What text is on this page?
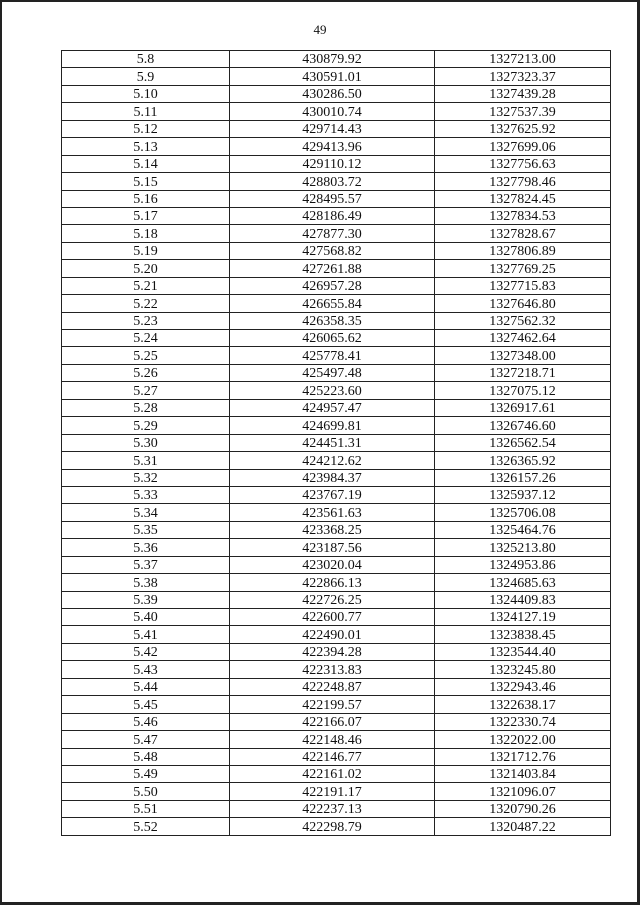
49
5.8	430879.92	1327213.00
5.9	430591.01	1327323.37
5.10	430286.50	1327439.28
5.11	430010.74	1327537.39
5.12	429714.43	1327625.92
5.13	429413.96	1327699.06
5.14	429110.12	1327756.63
5.15	428803.72	1327798.46
5.16	428495.57	1327824.45
5.17	428186.49	1327834.53
5.18	427877.30	1327828.67
5.19	427568.82	1327806.89
5.20	427261.88	1327769.25
5.21	426957.28	1327715.83
5.22	426655.84	1327646.80
5.23	426358.35	1327562.32
5.24	426065.62	1327462.64
5.25	425778.41	1327348.00
5.26	425497.48	1327218.71
5.27	425223.60	1327075.12
5.28	424957.47	1326917.61
5.29	424699.81	1326746.60
5.30	424451.31	1326562.54
5.31	424212.62	1326365.92
5.32	423984.37	1326157.26
5.33	423767.19	1325937.12
5.34	423561.63	1325706.08
5.35	423368.25	1325464.76
5.36	423187.56	1325213.80
5.37	423020.04	1324953.86
5.38	422866.13	1324685.63
5.39	422726.25	1324409.83
5.40	422600.77	1324127.19
5.41	422490.01	1323838.45
5.42	422394.28	1323544.40
5.43	422313.83	1323245.80
5.44	422248.87	1322943.46
5.45	422199.57	1322638.17
5.46	422166.07	1322330.74
5.47	422148.46	1322022.00
5.48	422146.77	1321712.76
5.49	422161.02	1321403.84
5.50	422191.17	1321096.07
5.51	422237.13	1320790.26
5.52	422298.79	1320487.22
